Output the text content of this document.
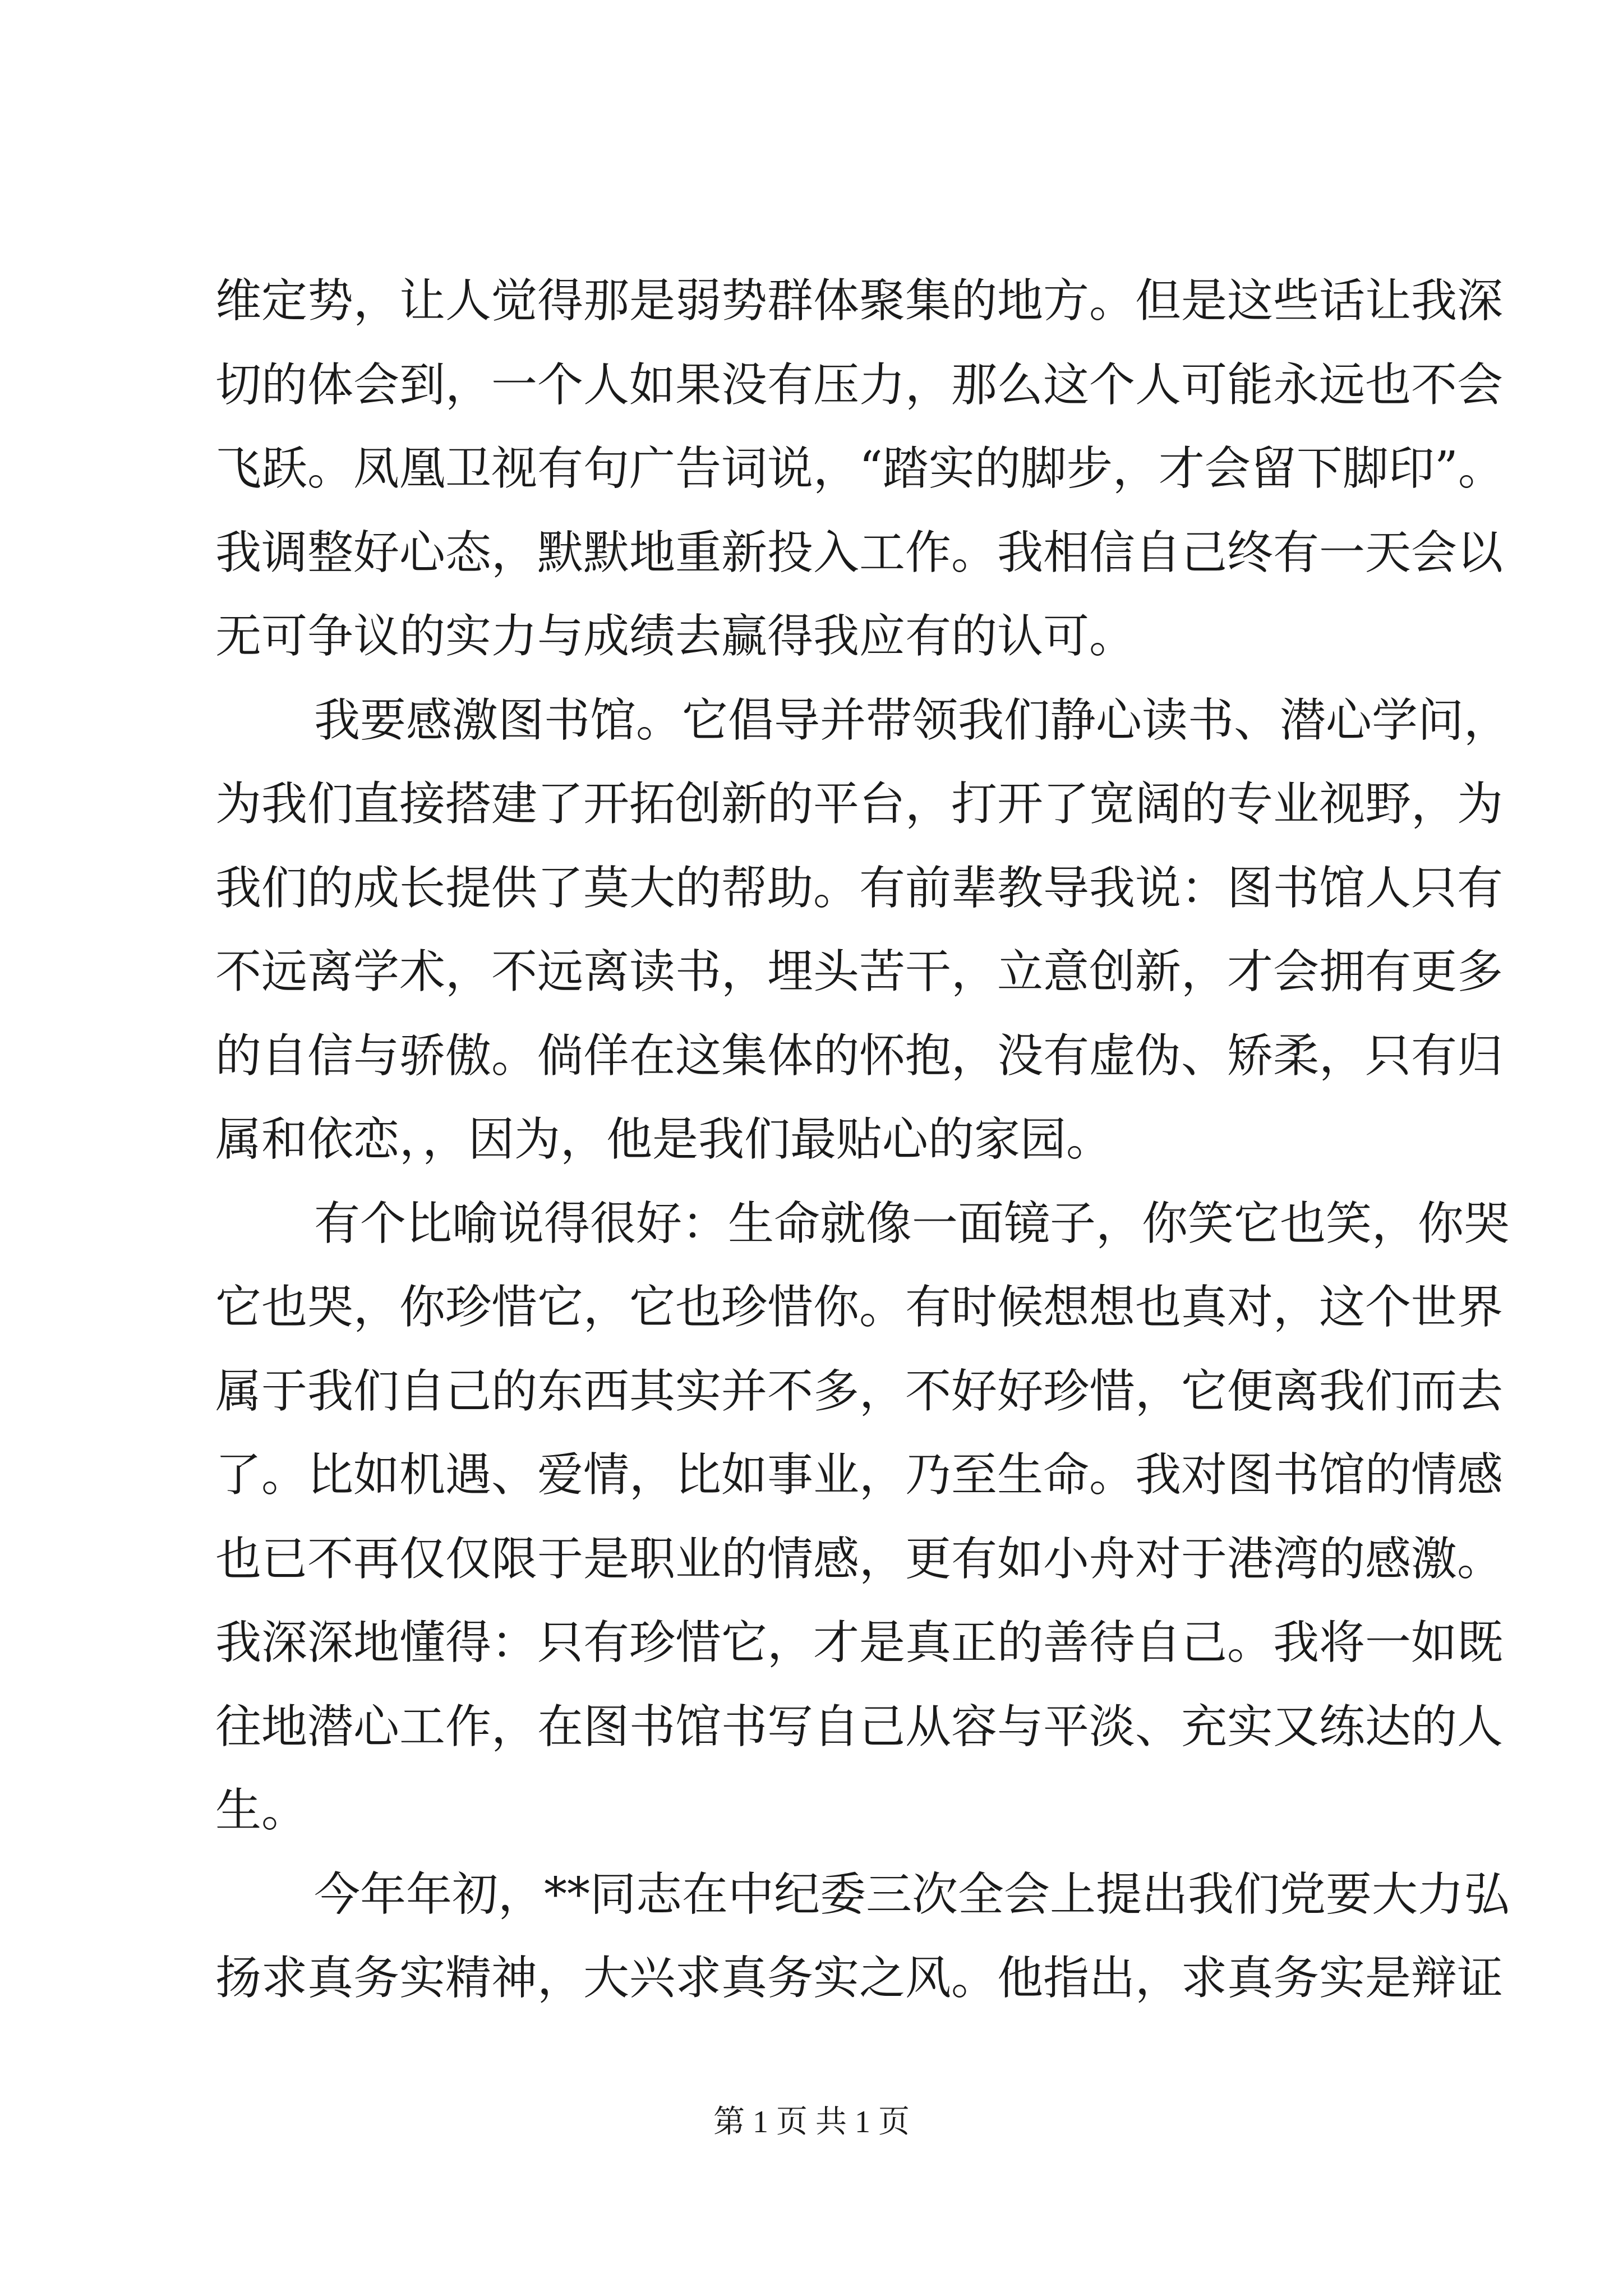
维定势，让人觉得那是弱势群体聚集的地方。但是这些话让我深
切的体会到，一个人如果没有压力，那么这个人可能永远也不会
飞跃。凤凰卫视有句广告词说，“踏实的脚步，才会留下脚印”。
我调整好心态，默默地重新投入工作。我相信自己终有一天会以
无可争议的实力与成绩去赢得我应有的认可。
我要感激图书馆。它倡导并带领我们静心读书、潜心学问，
为我们直接搭建了开拓创新的平台，打开了宽阔的专业视野，为
我们的成长提供了莫大的帮助。有前辈教导我说：图书馆人只有
不远离学术，不远离读书，埋头苦干，立意创新，才会拥有更多
的自信与骄傲。倘佯在这集体的怀抱，没有虚伪、矫柔，只有归
属和依恋，，因为，他是我们最贴心的家园。
有个比喻说得很好：生命就像一面镜子，你笑它也笑，你哭
它也哭，你珍惜它，它也珍惜你。有时候想想也真对，这个世界
属于我们自己的东西其实并不多，不好好珍惜，它便离我们而去
了。比如机遇、爱情，比如事业，乃至生命。我对图书馆的情感
也已不再仅仅限于是职业的情感，更有如小舟对于港湾的感激。
我深深地懂得：只有珍惜它，才是真正的善待自己。我将一如既
往地潜心工作，在图书馆书写自己从容与平淡、充实又练达的人
生。
今年年初，**同志在中纪委三次全会上提出我们党要大力弘
扬求真务实精神，大兴求真务实之风。他指出，求真务实是辩证
第 1 页 共 1 页
